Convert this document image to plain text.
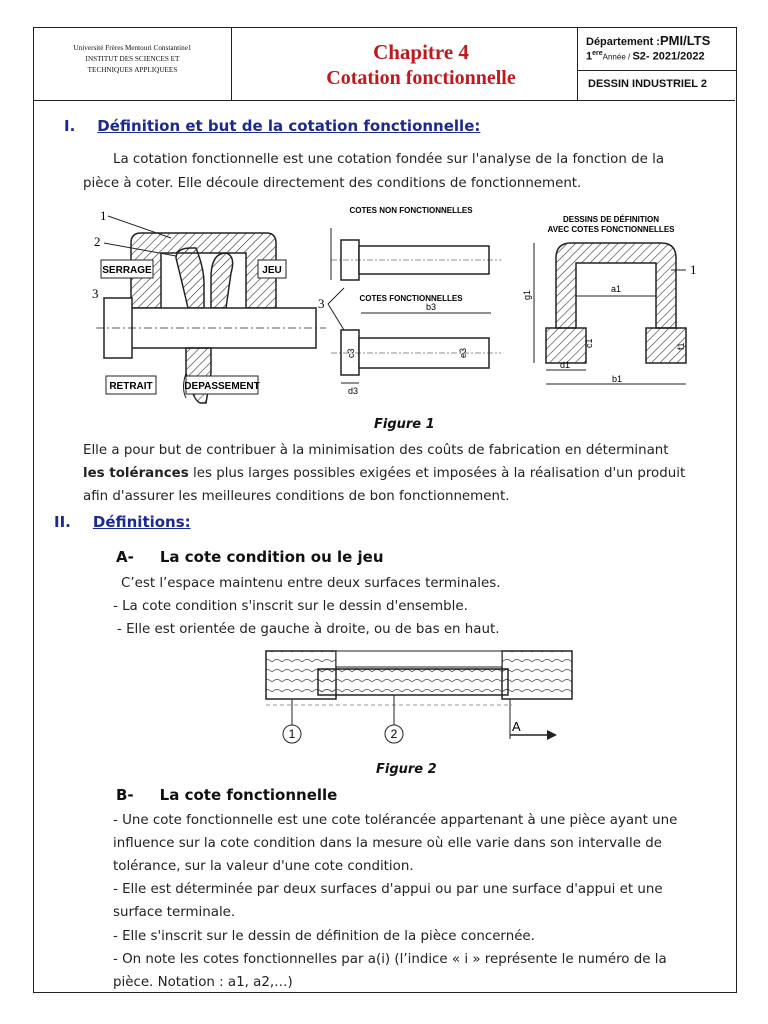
Université Frères Mentouri Constantine1
INSTITUT DES SCIENCES ET
TECHNIQUES APPLIQUEES
Chapitre 4
Cotation fonctionnelle
Département :PMI/LTS
1ereAnnée / S2- 2021/2022
DESSIN INDUSTRIEL 2
I. Définition et but de la cotation fonctionnelle:
La cotation fonctionnelle est une cotation fondée sur l'analyse de la fonction de la
pièce à coter. Elle découle directement des conditions de fonctionnement.
SERRAGE	JEU
RETRAIT	DEPASSEMENT
1
2
3
COTES NON FONCTIONNELLES
COTES FONCTIONNELLES
b3
c3	e3
d3
3
DESSINS DE DÉFINITION
AVEC COTES FONCTIONNELLES
g1
a1
c1	f1
d1
b1
1
Figure 1
Elle a pour but de contribuer à la minimisation des coûts de fabrication en déterminant
les tolérances les plus larges possibles exigées et imposées à la réalisation d'un produit
afin d'assurer les meilleures conditions de bon fonctionnement.
II. Définitions:
A- La cote condition ou le jeu
C’est l’espace maintenu entre deux surfaces terminales.
- La cote condition s'inscrit sur le dessin d'ensemble.
- Elle est orientée de gauche à droite, ou de bas en haut.
1	2	A
Figure 2
B- La cote fonctionnelle
- Une cote fonctionnelle est une cote tolérancée appartenant à une pièce ayant une
influence sur la cote condition dans la mesure où elle varie dans son intervalle de
tolérance, sur la valeur d'une cote condition.
- Elle est déterminée par deux surfaces d'appui ou par une surface d'appui et une
surface terminale.
- Elle s'inscrit sur le dessin de définition de la pièce concernée.
- On note les cotes fonctionnelles par a(i) (l’indice « i » représente le numéro de la
pièce. Notation : a1, a2,…)
